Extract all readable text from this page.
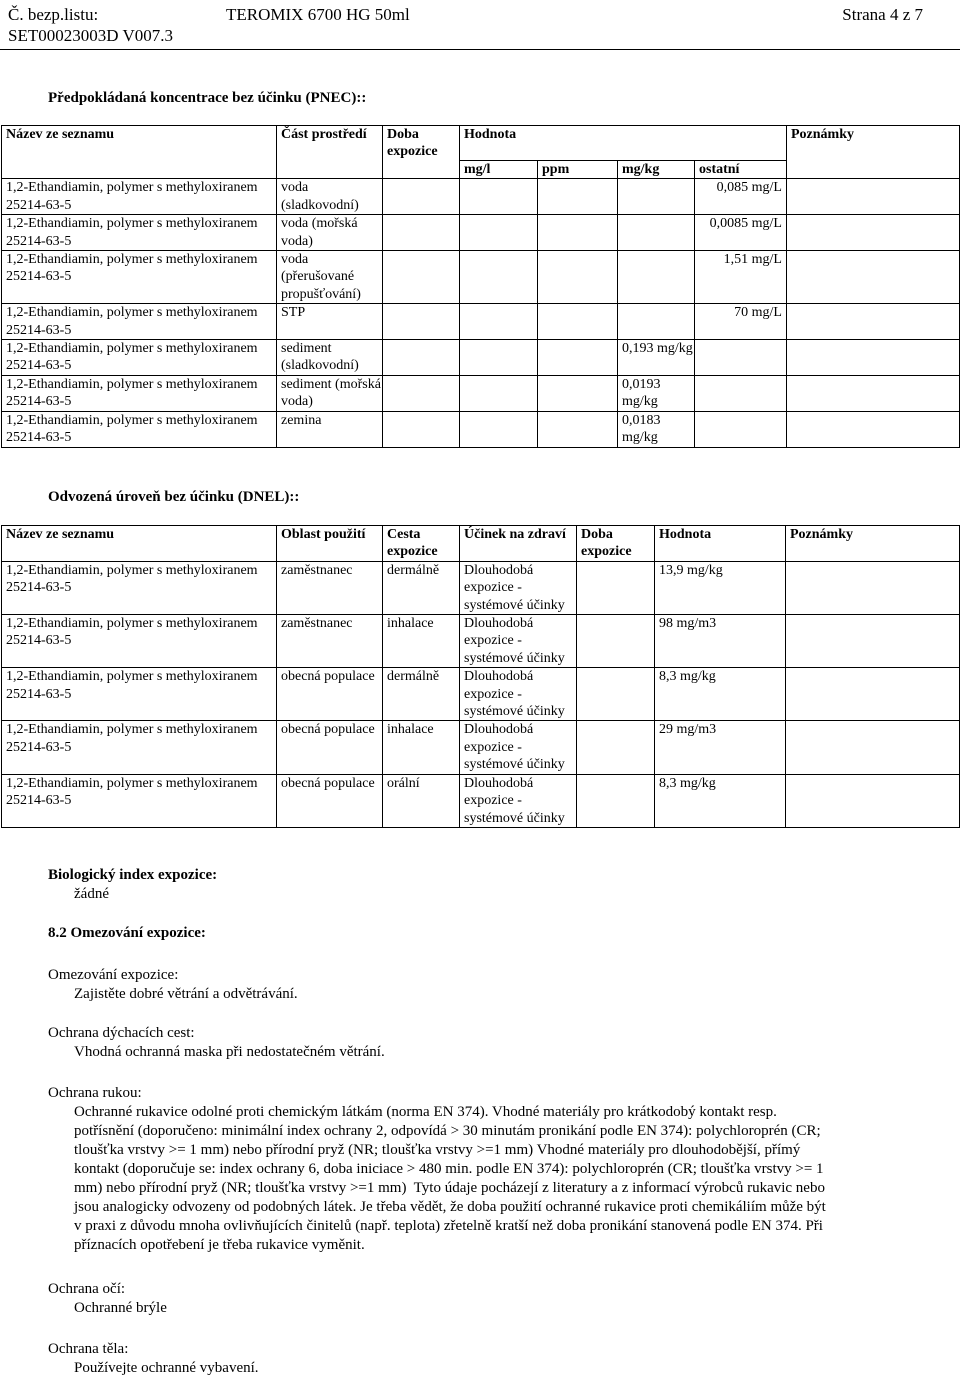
Č. bezp.listu:	TEROMIX 6700 HG 50ml	Strana 4 z 7
SET00023003D V007.3
Předpokládaná koncentrace bez účinku (PNEC)::
Název ze seznamu	Část prostředí	Doba expozice	Hodnota				Poznámky
			mg/l	ppm	mg/kg	ostatní	
1,2-Ethandiamin, polymer s methyloxiranem 25214-63-5	voda (sladkovodní)					0,085 mg/L	
1,2-Ethandiamin, polymer s methyloxiranem 25214-63-5	voda (mořská voda)					0,0085 mg/L	
1,2-Ethandiamin, polymer s methyloxiranem 25214-63-5	voda (přerušované propušťování)					1,51 mg/L	
1,2-Ethandiamin, polymer s methyloxiranem 25214-63-5	STP					70 mg/L	
1,2-Ethandiamin, polymer s methyloxiranem 25214-63-5	sediment (sladkovodní)				0,193 mg/kg		
1,2-Ethandiamin, polymer s methyloxiranem 25214-63-5	sediment (mořská voda)				0,0193 mg/kg		
1,2-Ethandiamin, polymer s methyloxiranem 25214-63-5	zemina				0,0183 mg/kg		
Odvozená úroveň bez účinku (DNEL)::
Název ze seznamu	Oblast použití	Cesta expozice	Účinek na zdraví	Doba expozice	Hodnota	Poznámky
1,2-Ethandiamin, polymer s methyloxiranem 25214-63-5	zaměstnanec	dermálně	Dlouhodobá expozice - systémové účinky		13,9 mg/kg	
1,2-Ethandiamin, polymer s methyloxiranem 25214-63-5	zaměstnanec	inhalace	Dlouhodobá expozice - systémové účinky		98 mg/m3	
1,2-Ethandiamin, polymer s methyloxiranem 25214-63-5	obecná populace	dermálně	Dlouhodobá expozice - systémové účinky		8,3 mg/kg	
1,2-Ethandiamin, polymer s methyloxiranem 25214-63-5	obecná populace	inhalace	Dlouhodobá expozice - systémové účinky		29 mg/m3	
1,2-Ethandiamin, polymer s methyloxiranem 25214-63-5	obecná populace	orální	Dlouhodobá expozice - systémové účinky		8,3 mg/kg	
Biologický index expozice:
žádné
8.2 Omezování expozice:
Omezování expozice:
Zajistěte dobré větrání a odvětrávání.
Ochrana dýchacích cest:
Vhodná ochranná maska při nedostatečném větrání.
Ochrana rukou:
Ochranné rukavice odolné proti chemickým látkám (norma EN 374). Vhodné materiály pro krátkodobý kontakt resp.
potřísnění (doporučeno: minimální index ochrany 2, odpovídá > 30 minutám pronikání podle EN 374): polychloroprén (CR;
tloušťka vrstvy >= 1 mm) nebo přírodní pryž (NR; tloušťka vrstvy >=1 mm) Vhodné materiály pro dlouhodobější, přímý
kontakt (doporučuje se: index ochrany 6, doba iniciace > 480 min. podle EN 374): polychloroprén (CR; tloušťka vrstvy >= 1
mm) nebo přírodní pryž (NR; tloušťka vrstvy >=1 mm)  Tyto údaje pocházejí z literatury a z informací výrobců rukavic nebo
jsou analogicky odvozeny od podobných látek. Je třeba vědět, že doba použití ochranné rukavice proti chemikáliím může být
v praxi z důvodu mnoha ovlivňujících činitelů (např. teplota) zřetelně kratší než doba pronikání stanovená podle EN 374. Při
příznacích opotřebení je třeba rukavice vyměnit.
Ochrana očí:
Ochranné brýle
Ochrana těla:
Používejte ochranné vybavení.
